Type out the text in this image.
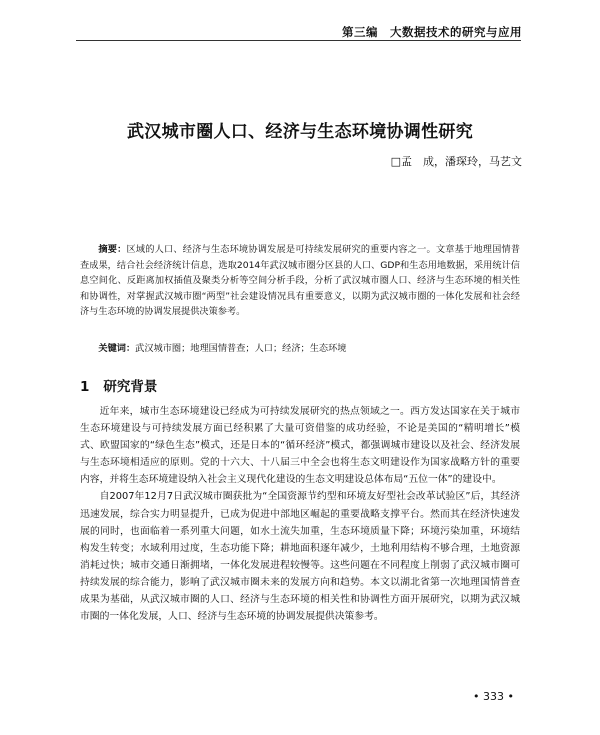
第三编　大数据技术的研究与应用
武汉城市圈人口、经济与生态环境协调性研究
□孟　成，潘琛玲，马艺文
摘要：区域的人口、经济与生态环境协调发展是可持续发展研究的重要内容之一。文章基于地理国情普查成果，结合社会经济统计信息，选取2014年武汉城市圈分区县的人口、GDP和生态用地数据，采用统计信息空间化、反距离加权插值及聚类分析等空间分析手段，分析了武汉城市圈人口、经济与生态环境的相关性和协调性，对掌握武汉城市圈“两型”社会建设情况具有重要意义，以期为武汉城市圈的一体化发展和社会经济与生态环境的协调发展提供决策参考。
关键词：武汉城市圈；地理国情普查；人口；经济；生态环境
1 研究背景

近年来，城市生态环境建设已经成为可持续发展研究的热点领域之一。西方发达国家在关于城市生态环境建设与可持续发展方面已经积累了大量可资借鉴的成功经验，不论是美国的“精明增长”模式、欧盟国家的“绿色生态”模式，还是日本的“循环经济”模式，都强调城市建设以及社会、经济发展与生态环境相适应的原则。党的十六大、十八届三中全会也将生态文明建设作为国家战略方针的重要内容，并将生态环境建设纳入社会主义现代化建设的生态文明建设总体布局“五位一体”的建设中。

自2007年12月7日武汉城市圈获批为“全国资源节约型和环境友好型社会改革试验区”后，其经济迅速发展，综合实力明显提升，已成为促进中部地区崛起的重要战略支撑平台。然而其在经济快速发展的同时，也面临着一系列重大问题，如水土流失加重，生态环境质量下降；环境污染加重，环境结构发生转变；水域利用过度，生态功能下降；耕地面积逐年减少，土地利用结构不够合理，土地资源消耗过快；城市交通日渐拥堵，一体化发展进程较慢等。这些问题在不同程度上削弱了武汉城市圈可持续发展的综合能力，影响了武汉城市圈未来的发展方向和趋势。本文以湖北省第一次地理国情普查成果为基础，从武汉城市圈的人口、经济与生态环境的相关性和协调性方面开展研究，以期为武汉城市圈的一体化发展，人口、经济与生态环境的协调发展提供决策参考。

• 333 •
